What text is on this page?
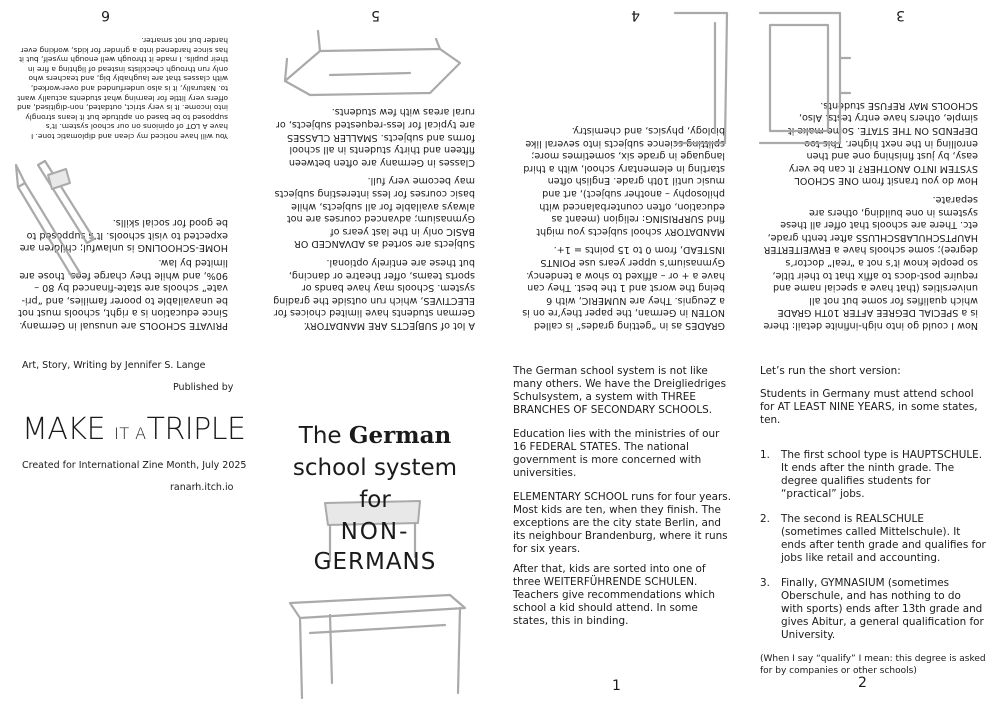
PRIVATE SCHOOLS are unusual in Germany. Since education is a right, schools must not be unavailable to poorer families, and “pri-vate” schools are state-financed by 80 – 90%, and while they charge fees, those are limited by law.

HOME-SCHOOLING is unlawful; children are expected to visit schools. It’s supposed to be good for social skills.

You will have noticed my clean and diplomatic tone. I have A LOT of opinions on our school system. It’s supposed to be based on aptitude but it leans strongly into income. It is very strict, outdated, non-digitised, and offers very little for learning what students actually want to. Naturally, it is also underfunded and over-worked, with classes that are laughably big, and teachers who only run through checklists instead of lighting a fire in their pupils. I made it through well enough myself, but it has since hardened into a grinder for kids, working ever harder but not smarter.

6

A lot of SUBJECTS ARE MANDATORY. German students have limited choices for ELECTIVES, which run outside the grading system. Schools may have bands or sports teams, offer theatre or dancing, but these are entirely optional.

Subjects are sorted as ADVANCED OR BASIC only in the last years of Gymnasium; advanced courses are not always available for all subjects, while basic courses for less interesting subjects may become very full.

Classes in Germany are often between fifteen and thirty students in all school forms and subjects. SMALLER CLASSES are typical for less-requested subjects, or rural areas with few students.

5

GRADES as in “getting grades” is called NOTEN in German, the paper they’re on is a Zeugnis. They are NUMERIC, with 6 being the worst and 1 the best. They can have a + or – affixed to show a tendency. Gymnasium’s upper years use POINTS INSTEAD, from 0 to 15 points = 1+.

MANDATORY school subjects you might find SURPRISING: religion (meant as education, often counterbalanced with philosophy – another subject), art and music until 10th grade. English often starting in elementary school, with a third language in grade six, sometimes more; splitting science subjects into several like biology, physics, and chemistry.

4

Now I could go into nigh-infinite detail: there is a SPECIAL DEGREE AFTER 10TH GRADE which qualifies for some but not all universities (that have a special name and require post-docs to affix that to their title, so people know it’s not a “real” doctor’s degree); some schools have a ERWEITERTER HAUPTSCHULABSCHLUSS after tenth grade, etc. There are schools that offer all these systems in one building, others are separate.

How do you transit from ONE SCHOOL SYSTEM INTO ANOTHER? It can be very easy, by just finishing one and then enrolling in the next higher. This too DEPENDS ON THE STATE. Some make it simple, others have entry tests. Also, SCHOOLS MAY REFUSE students.

3
Art, Story, Writing by Jennifer S. Lange
Published by
MAKE IT ATRIPLE
Created for International Zine Month, July 2025
ranarh.itch.io
The German
school system
for
NON-
GERMANS

The German school system is not like many others. We have the Dreigliedriges Schulsystem, a system with THREE BRANCHES OF SECONDARY SCHOOLS.

Education lies with the ministries of our 16 FEDERAL STATES. The national government is more concerned with universities.

ELEMENTARY SCHOOL runs for four years. Most kids are ten, when they finish. The exceptions are the city state Berlin, and its neighbour Brandenburg, where it runs for six years.

After that, kids are sorted into one of three WEITERFÜHRENDE SCHULEN. Teachers give recommendations which school a kid should attend. In some states, this in binding.

1

Let’s run the short version:

Students in Germany must attend school for AT LEAST NINE YEARS, in some states, ten.

1. The first school type is HAUPTSCHULE. It ends after the ninth grade. The degree qualifies students for “practical” jobs.
2. The second is REALSCHULE (sometimes called Mittelschule). It ends after tenth grade and qualifies for jobs like retail and accounting.
3. Finally, GYMNASIUM (sometimes Oberschule, and has nothing to do with sports) ends after 13th grade and gives Abitur, a general qualification for University.

(When I say “qualify” I mean: this degree is asked for by companies or other schools)

2
